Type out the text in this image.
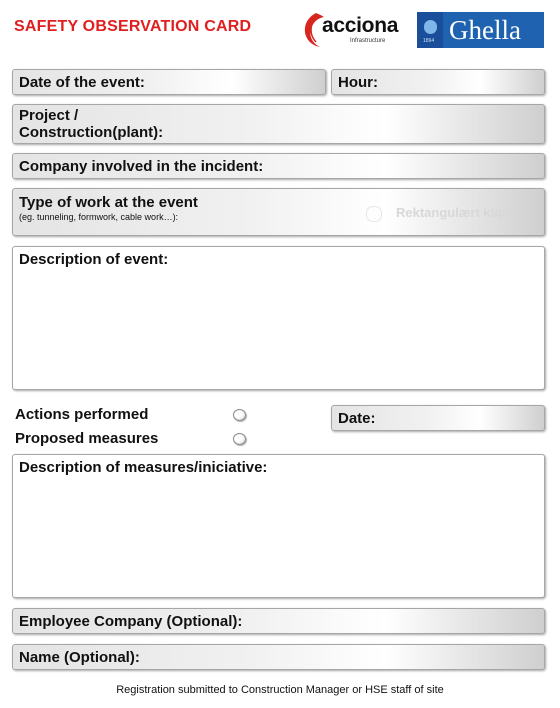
SAFETY OBSERVATION CARD	acciona
Infrastructure	1894 Ghella
Date of the event:	Hour:
Project /
Construction(plant):
Company involved in the incident:
Type of work at the event
(eg. tunneling, formwork, cable work…):	Rektangulært klipp
Description of event:
Actions performed
Proposed measures
Date:
Description of measures/iniciative:
Employee Company (Optional):
Name (Optional):
Registration submitted to Construction Manager or HSE staff of site
